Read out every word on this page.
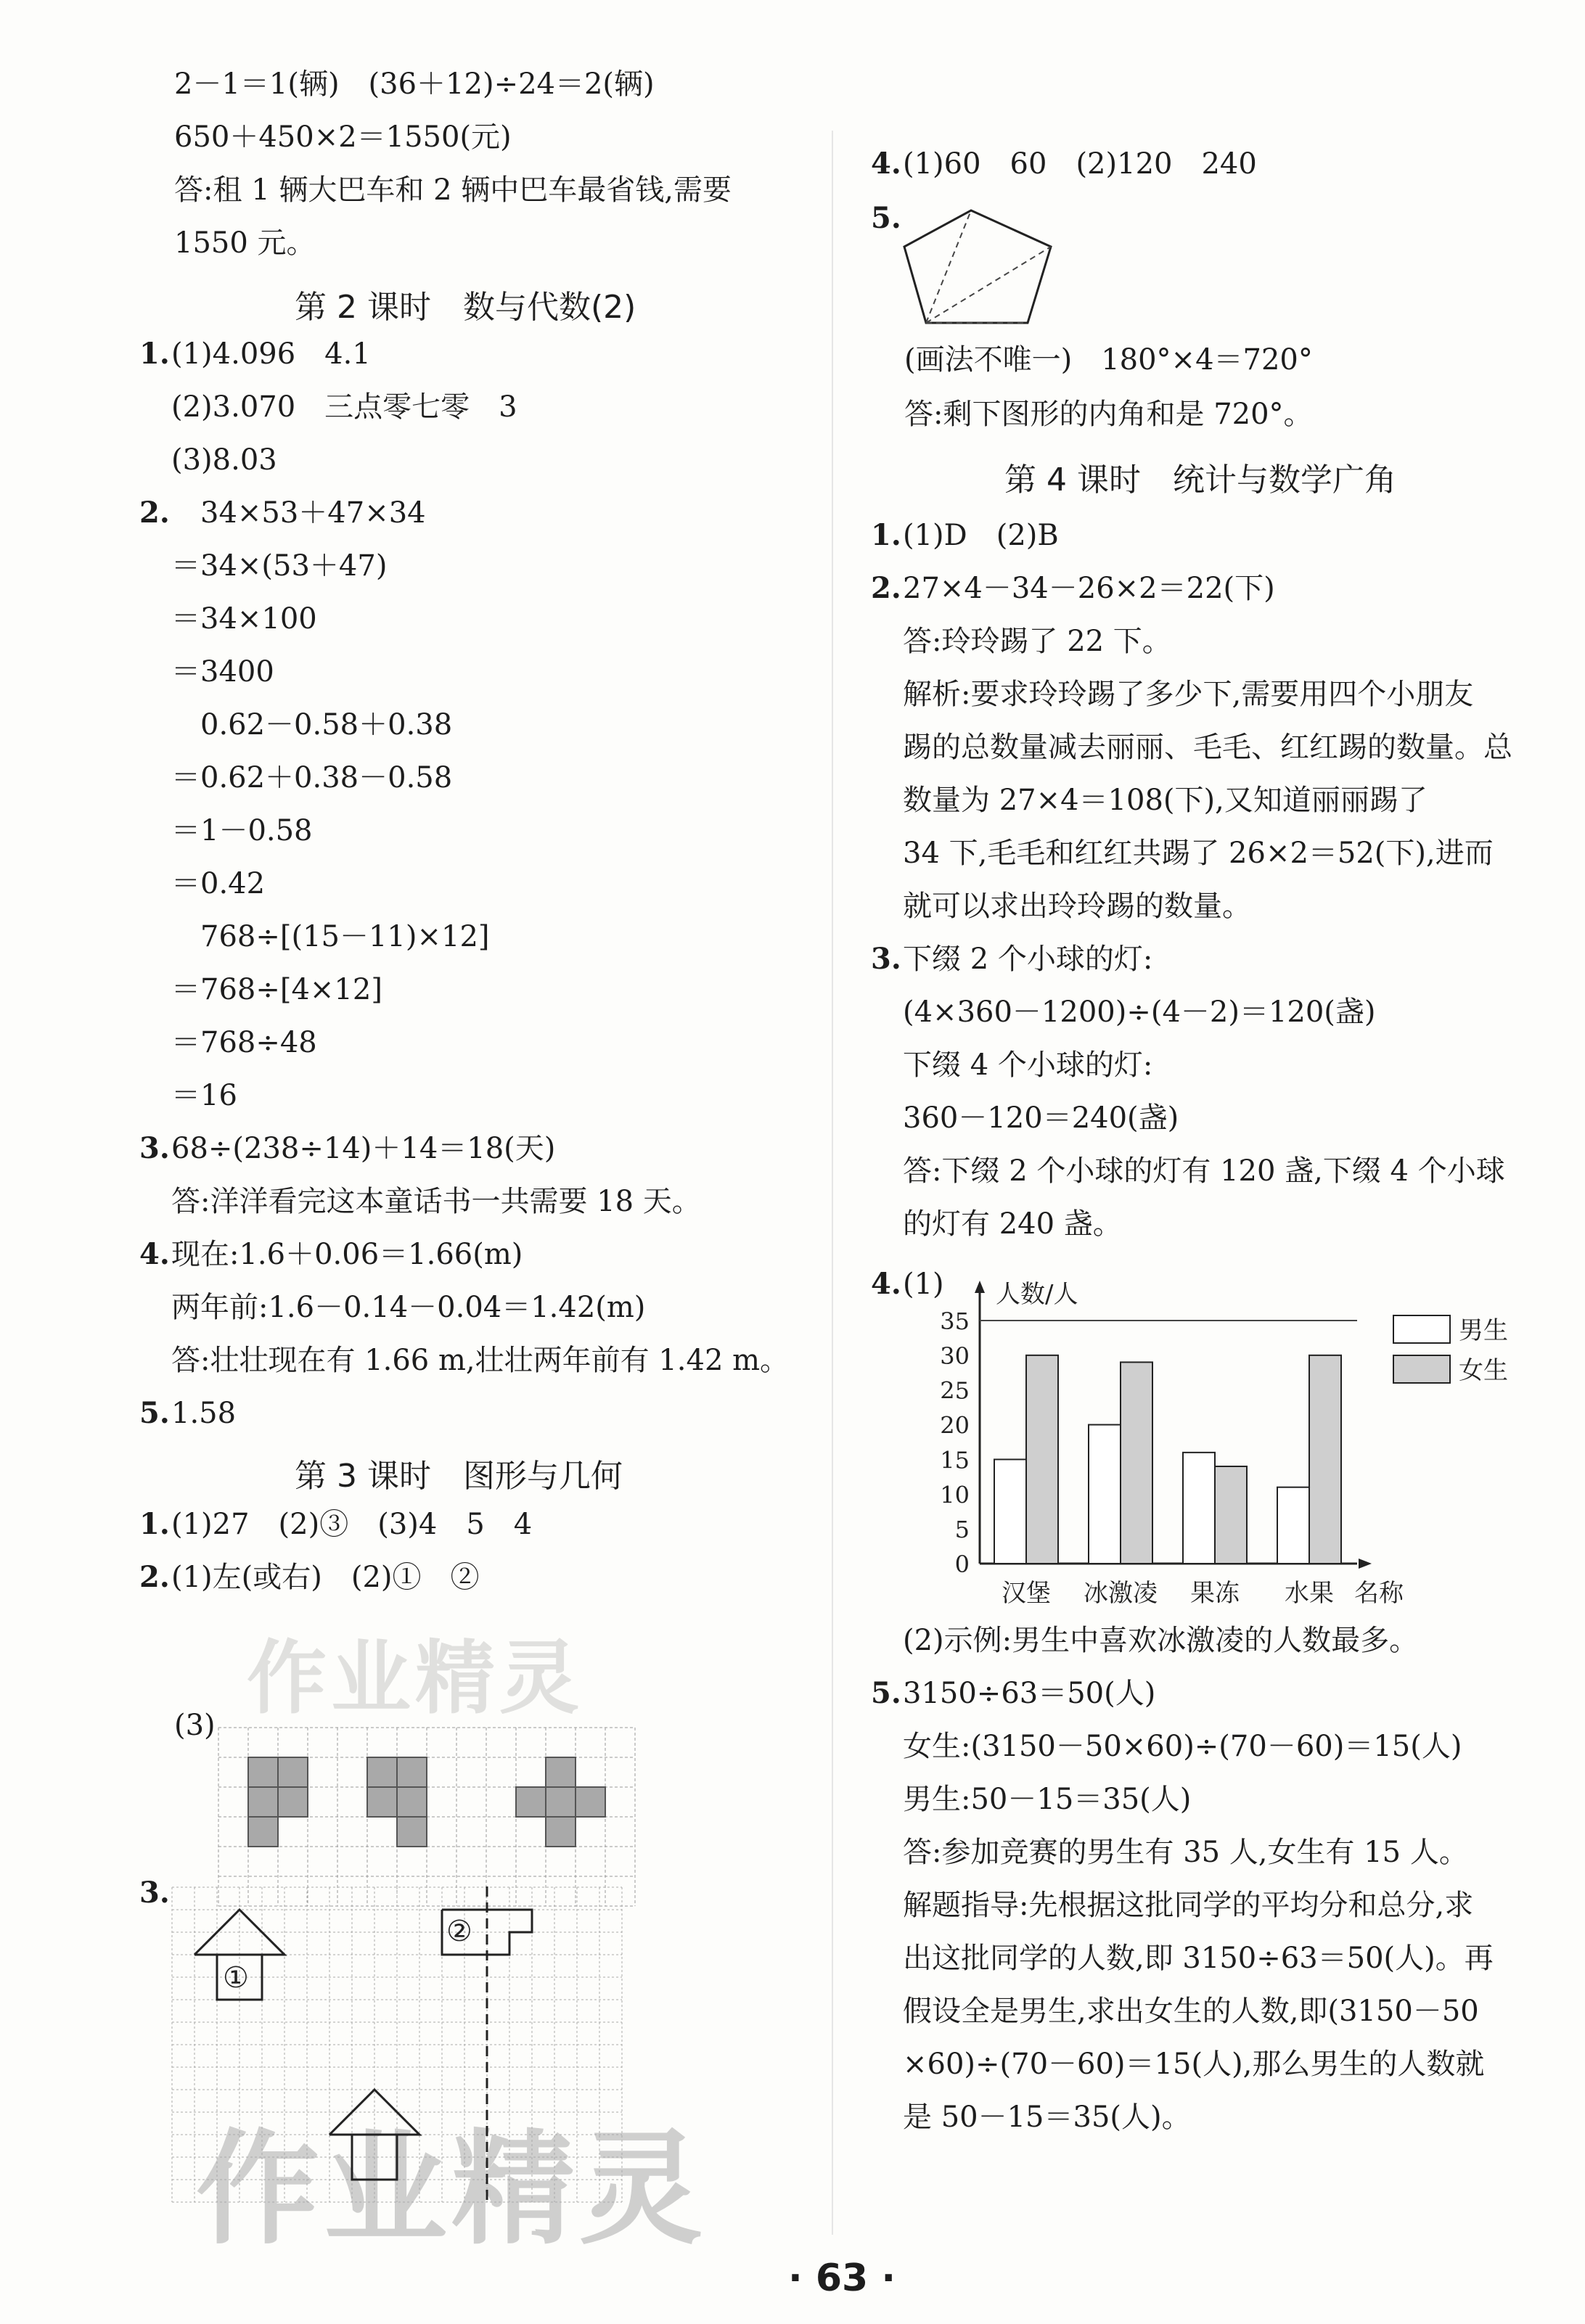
· 63 ·
作业精灵
作业精灵
2－1＝1(辆)　(36＋12)÷24＝2(辆)
650＋450×2＝1550(元)
答:租 1 辆大巴车和 2 辆中巴车最省钱,需要
1550 元。
第 2 课时　数与代数(2)
1. (1)4.096　4.1
(2)3.070　三点零七零　3
(3)8.03
2. 　34×53＋47×34
＝34×(53＋47)
＝34×100
＝3400
　0.62－0.58＋0.38
＝0.62＋0.38－0.58
＝1－0.58
＝0.42
　768÷[(15－11)×12]
＝768÷[4×12]
＝768÷48
＝16
3. 68÷(238÷14)＋14＝18(天)
答:洋洋看完这本童话书一共需要 18 天。
4. 现在:1.6＋0.06＝1.66(m)
两年前:1.6－0.14－0.04＝1.42(m)
答:壮壮现在有 1.66 m,壮壮两年前有 1.42 m。
5. 1.58
第 3 课时　图形与几何
1. (1)27　(2)③　(3)4　5　4
2. (1)左(或右)　(2)①　②
(3)
3.
4. (1)60　60　(2)120　240
5.
(画法不唯一)　180°×4＝720°
答:剩下图形的内角和是 720°。
第 4 课时　统计与数学广角
1. (1)D　(2)B
2. 27×4－34－26×2＝22(下)
答:玲玲踢了 22 下。
解析:要求玲玲踢了多少下,需要用四个小朋友
踢的总数量减去丽丽、毛毛、红红踢的数量。总
数量为 27×4＝108(下),又知道丽丽踢了
34 下,毛毛和红红共踢了 26×2＝52(下),进而
就可以求出玲玲踢的数量。
3. 下缀 2 个小球的灯:
(4×360－1200)÷(4－2)＝120(盏)
下缀 4 个小球的灯:
360－120＝240(盏)
答:下缀 2 个小球的灯有 120 盏,下缀 4 个小球
的灯有 240 盏。
4. (1)
(2)示例:男生中喜欢冰激凌的人数最多。
5. 3150÷63＝50(人)
女生:(3150－50×60)÷(70－60)＝15(人)
男生:50－15＝35(人)
答:参加竞赛的男生有 35 人,女生有 15 人。
解题指导:先根据这批同学的平均分和总分,求
出这批同学的人数,即 3150÷63＝50(人)。再
假设全是男生,求出女生的人数,即(3150－50
×60)÷(70－60)＝15(人),那么男生的人数就
是 50－15＝35(人)。
①
②
0
5
10
15
20
25
30
35
人数/人
汉堡 冰激凌 果冻 水果 名称
男生
女生
